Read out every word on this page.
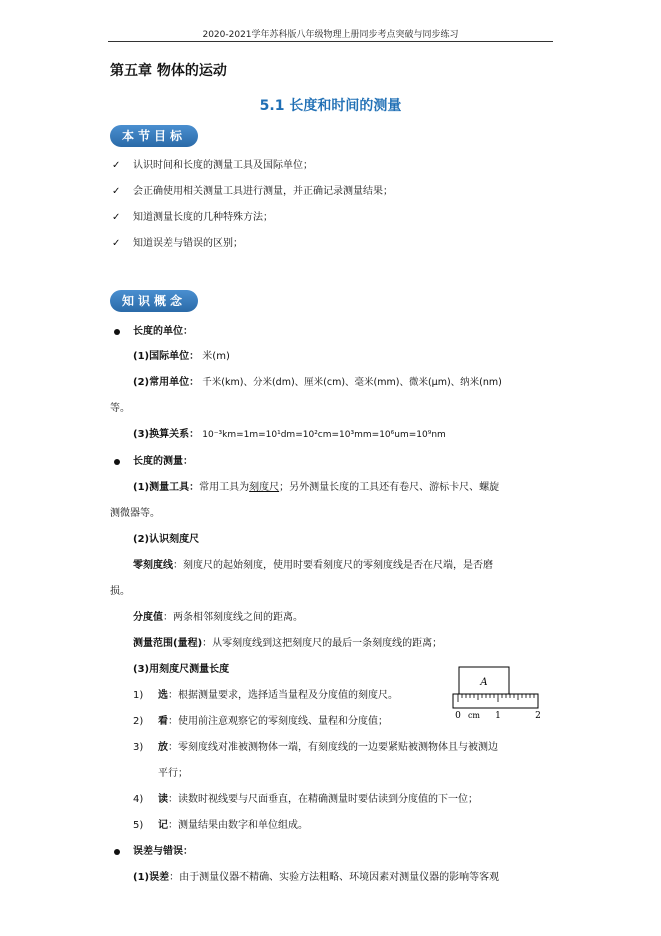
2020-2021学年苏科版八年级物理上册同步考点突破与同步练习
第五章 物体的运动
5.1 长度和时间的测量
本节目标
✓ 认识时间和长度的测量工具及国际单位；
✓ 会正确使用相关测量工具进行测量，并正确记录测量结果；
✓ 知道测量长度的几种特殊方法；
✓ 知道误差与错误的区别；
知识概念
长度的单位：
(1)国际单位： 米(m)
(2)常用单位： 千米(km)、分米(dm)、厘米(cm)、毫米(mm)、微米(μm)、纳米(nm)
等。
(3)换算关系： 10⁻³km=1m=10¹dm=10²cm=10³mm=10⁶um=10⁹nm
长度的测量：
(1)测量工具：常用工具为刻度尺；另外测量长度的工具还有卷尺、游标卡尺、螺旋
测微器等。
(2)认识刻度尺
零刻度线：刻度尺的起始刻度，使用时要看刻度尺的零刻度线是否在尺端，是否磨
损。
分度值：两条相邻刻度线之间的距离。
测量范围(量程)：从零刻度线到这把刻度尺的最后一条刻度线的距离；
(3)用刻度尺测量长度
1) 选：根据测量要求，选择适当量程及分度值的刻度尺。
2) 看：使用前注意观察它的零刻度线、量程和分度值；
3) 放：零刻度线对准被测物体一端，有刻度线的一边要紧贴被测物体且与被测边
平行；
4) 读：读数时视线要与尺面垂直，在精确测量时要估读到分度值的下一位；
5) 记：测量结果由数字和单位组成。
误差与错误：
(1)误差：由于测量仪器不精确、实验方法粗略、环境因素对测量仪器的影响等客观
A
0 cm 1	2
